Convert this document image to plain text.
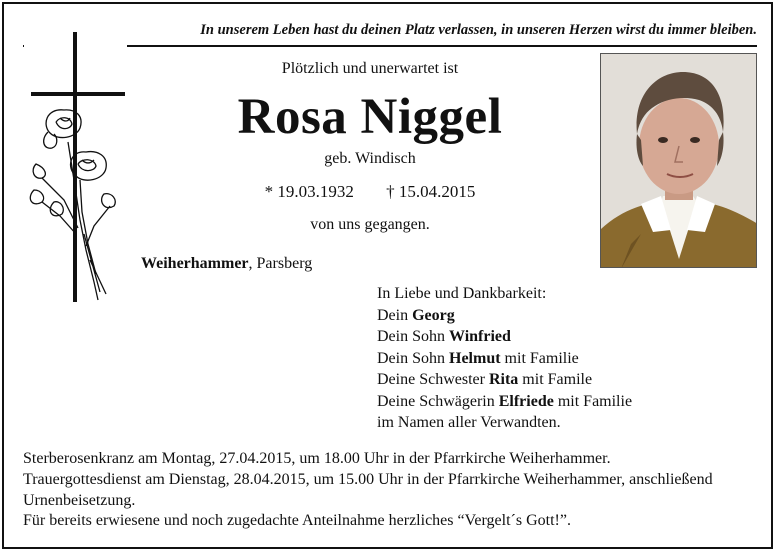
In unserem Leben hast du deinen Platz verlassen, in unseren Herzen wirst du immer bleiben.
Plötzlich und unerwartet ist
Rosa Niggel
geb. Windisch
* 19.03.1932 † 15.04.2015
von uns gegangen.
Weiherhammer, Parsberg
In Liebe und Dankbarkeit:
Dein Georg
Dein Sohn Winfried
Dein Sohn Helmut mit Familie
Deine Schwester Rita mit Famile
Deine Schwägerin Elfriede mit Familie
im Namen aller Verwandten.
Sterberosenkranz am Montag, 27.04.2015, um 18.00 Uhr in der Pfarrkirche Weiherhammer.
Trauergottesdienst am Dienstag, 28.04.2015, um 15.00 Uhr in der Pfarrkirche Weiherhammer, anschließend Urnenbeisetzung.
Für bereits erwiesene und noch zugedachte Anteilnahme herzliches “Vergelt´s Gott!”.
